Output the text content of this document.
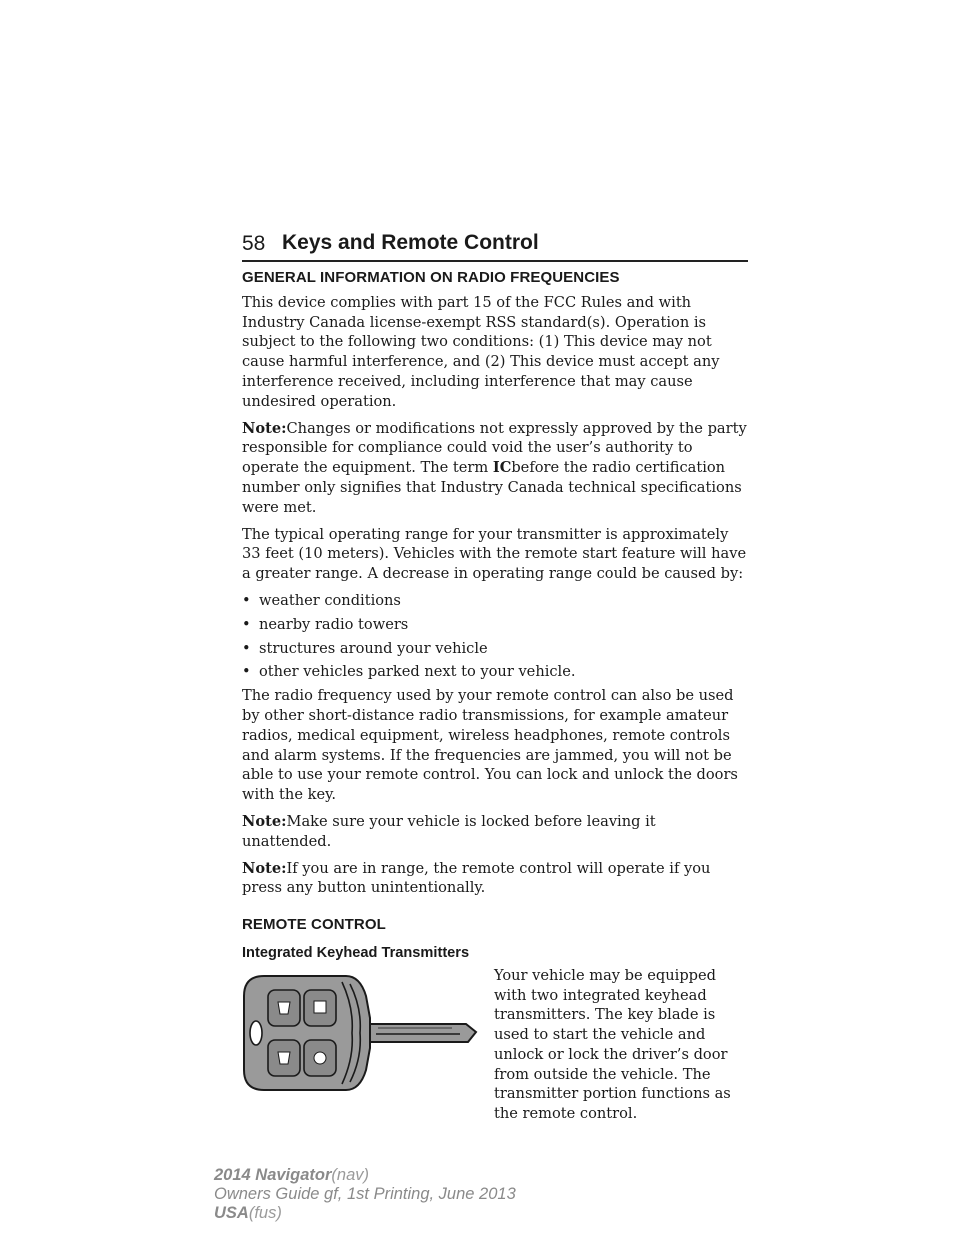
58 Keys and Remote Control
GENERAL INFORMATION ON RADIO FREQUENCIES

This device complies with part 15 of the FCC Rules and with Industry Canada license-exempt RSS standard(s). Operation is subject to the following two conditions: (1) This device may not cause harmful interference, and (2) This device must accept any interference received, including interference that may cause undesired operation.

Note:Changes or modifications not expressly approved by the party responsible for compliance could void the user’s authority to operate the equipment. The term ICbefore the radio certification number only signifies that Industry Canada technical specifications were met.

The typical operating range for your transmitter is approximately 33 feet (10 meters). Vehicles with the remote start feature will have a greater range. A decrease in operating range could be caused by:

• weather conditions
• nearby radio towers
• structures around your vehicle
• other vehicles parked next to your vehicle.

The radio frequency used by your remote control can also be used by other short-distance radio transmissions, for example amateur radios, medical equipment, wireless headphones, remote controls and alarm systems. If the frequencies are jammed, you will not be able to use your remote control. You can lock and unlock the doors with the key.

Note:Make sure your vehicle is locked before leaving it unattended.

Note:If you are in range, the remote control will operate if you press any button unintentionally.

REMOTE CONTROL
Integrated Keyhead Transmitters

Your vehicle may be equipped with two integrated keyhead transmitters. The key blade is used to start the vehicle and unlock or lock the driver’s door from outside the vehicle. The transmitter portion functions as the remote control.

2014 Navigator(nav)
Owners Guide gf, 1st Printing, June 2013
USA(fus)
